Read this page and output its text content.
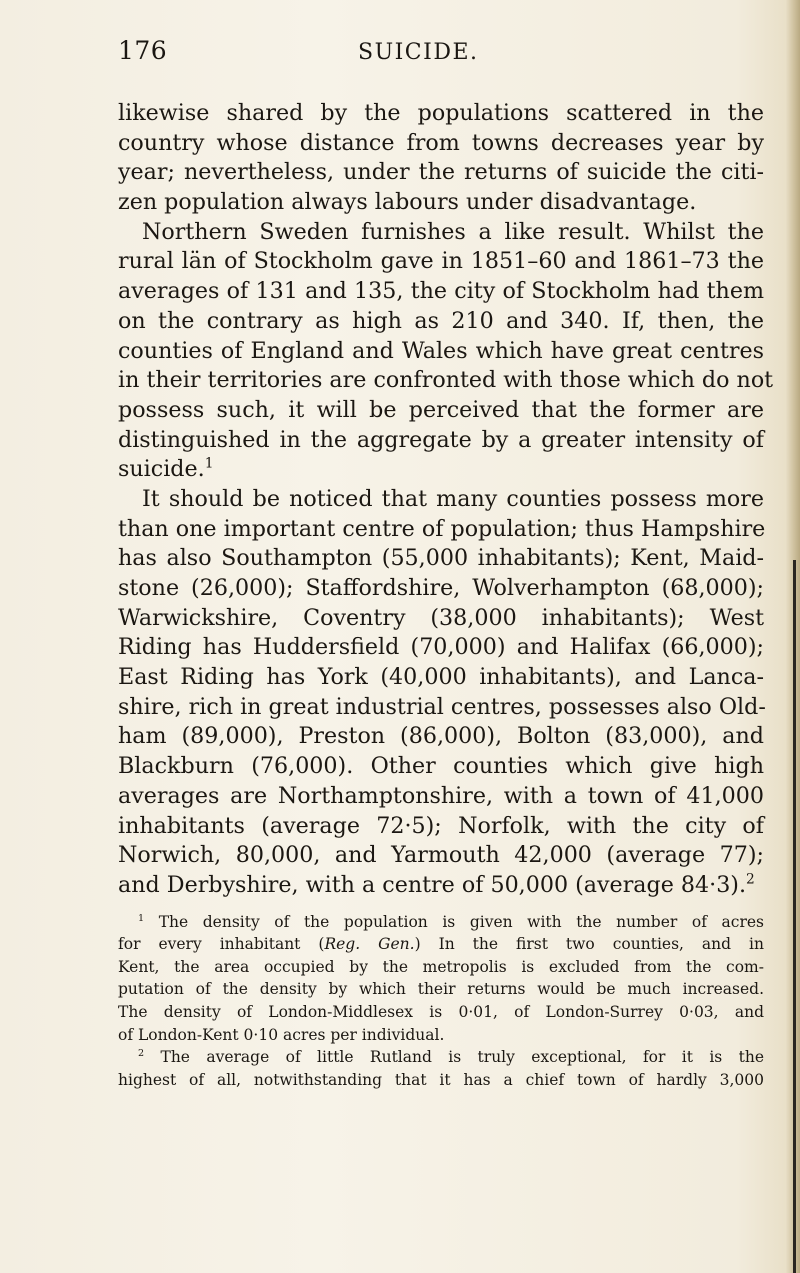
176	SUICIDE.
likewise shared by the populations scattered in the
country whose distance from towns decreases year by
year; nevertheless, under the returns of suicide the citi-
zen population always labours under disadvantage.
Northern Sweden furnishes a like result. Whilst the
rural län of Stockholm gave in 1851–60 and 1861–73 the
averages of 131 and 135, the city of Stockholm had them
on the contrary as high as 210 and 340. If, then, the
counties of England and Wales which have great centres
in their territories are confronted with those which do not
possess such, it will be perceived that the former are
distinguished in the aggregate by a greater intensity of
suicide.$^1$
It should be noticed that many counties possess more
than one important centre of population; thus Hampshire
has also Southampton (55,000 inhabitants); Kent, Maid-
stone (26,000); Staffordshire, Wolverhampton (68,000);
Warwickshire, Coventry (38,000 inhabitants); West
Riding has Huddersfield (70,000) and Halifax (66,000);
East Riding has York (40,000 inhabitants), and Lanca-
shire, rich in great industrial centres, possesses also Old-
ham (89,000), Preston (86,000), Bolton (83,000), and
Blackburn (76,000). Other counties which give high
averages are Northamptonshire, with a town of 41,000
inhabitants (average 72·5); Norfolk, with the city of
Norwich, 80,000, and Yarmouth 42,000 (average 77);
and Derbyshire, with a centre of 50,000 (average 84·3).$^2$
$^1$ The density of the population is given with the number of acres
for every inhabitant (Reg. Gen.) In the first two counties, and in
Kent, the area occupied by the metropolis is excluded from the com-
putation of the density by which their returns would be much increased.
The density of London-Middlesex is 0·01, of London-Surrey 0·03, and
of London-Kent 0·10 acres per individual.
$^2$ The average of little Rutland is truly exceptional, for it is the
highest of all, notwithstanding that it has a chief town of hardly 3,000
